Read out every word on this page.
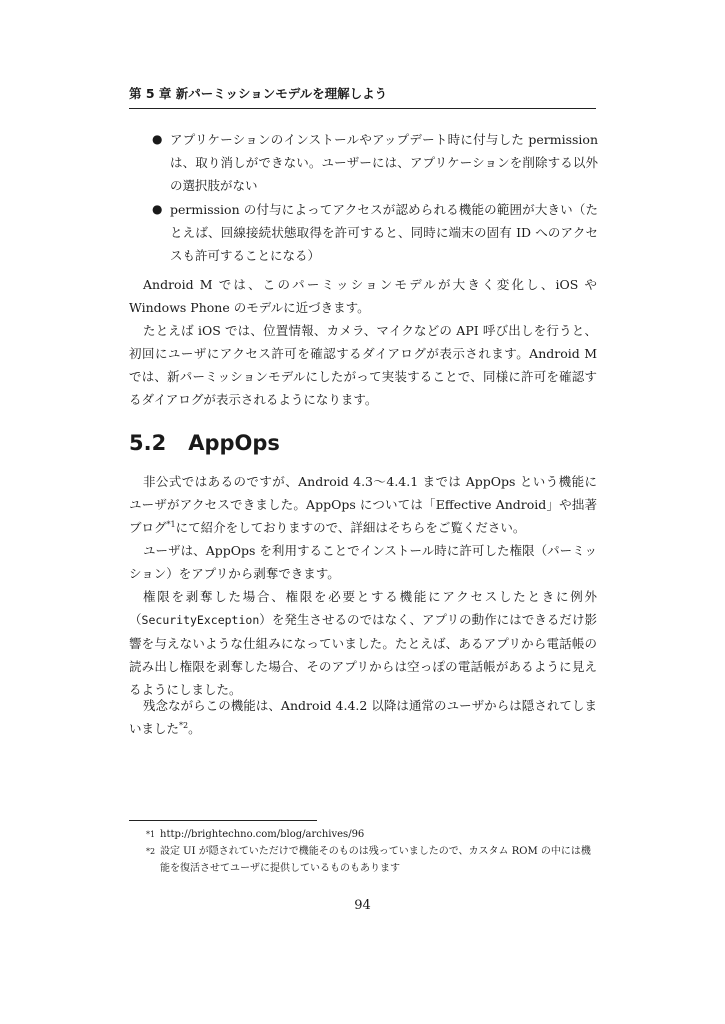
第 5 章 新パーミッションモデルを理解しよう
● アプリケーションのインストールやアップデート時に付与した permission は、取り消しができない。ユーザーには、アプリケーションを削除する以外の選択肢がない
● permission の付与によってアクセスが認められる機能の範囲が大きい（たとえば、回線接続状態取得を許可すると、同時に端末の固有 ID へのアクセスも許可することになる）

Android M では、このパーミッションモデルが大きく変化し、iOS や Windows Phone のモデルに近づきます。

たとえば iOS では、位置情報、カメラ、マイクなどの API 呼び出しを行うと、初回にユーザにアクセス許可を確認するダイアログが表示されます。Android M では、新パーミッションモデルにしたがって実装することで、同様に許可を確認するダイアログが表示されるようになります。

5.2 AppOps

非公式ではあるのですが、Android 4.3〜4.4.1 までは AppOps という機能にユーザがアクセスできました。AppOps については「Effective Android」や拙著ブログ$^{*1}$にて紹介をしておりますので、詳細はそちらをご覧ください。

ユーザは、AppOps を利用することでインストール時に許可した権限（パーミッション）をアプリから剥奪できます。

権限を剥奪した場合、権限を必要とする機能にアクセスしたときに例外（SecurityException）を発生させるのではなく、アプリの動作にはできるだけ影響を与えないような仕組みになっていました。たとえば、あるアプリから電話帳の読み出し権限を剥奪した場合、そのアプリからは空っぽの電話帳があるように見えるようにしました。

残念ながらこの機能は、Android 4.4.2 以降は通常のユーザからは隠されてしまいました$^{*2}$。

*1 http://brightechno.com/blog/archives/96
*2 設定 UI が隠されていただけで機能そのものは残っていましたので、カスタム ROM の中には機能を復活させてユーザに提供しているものもあります
94
